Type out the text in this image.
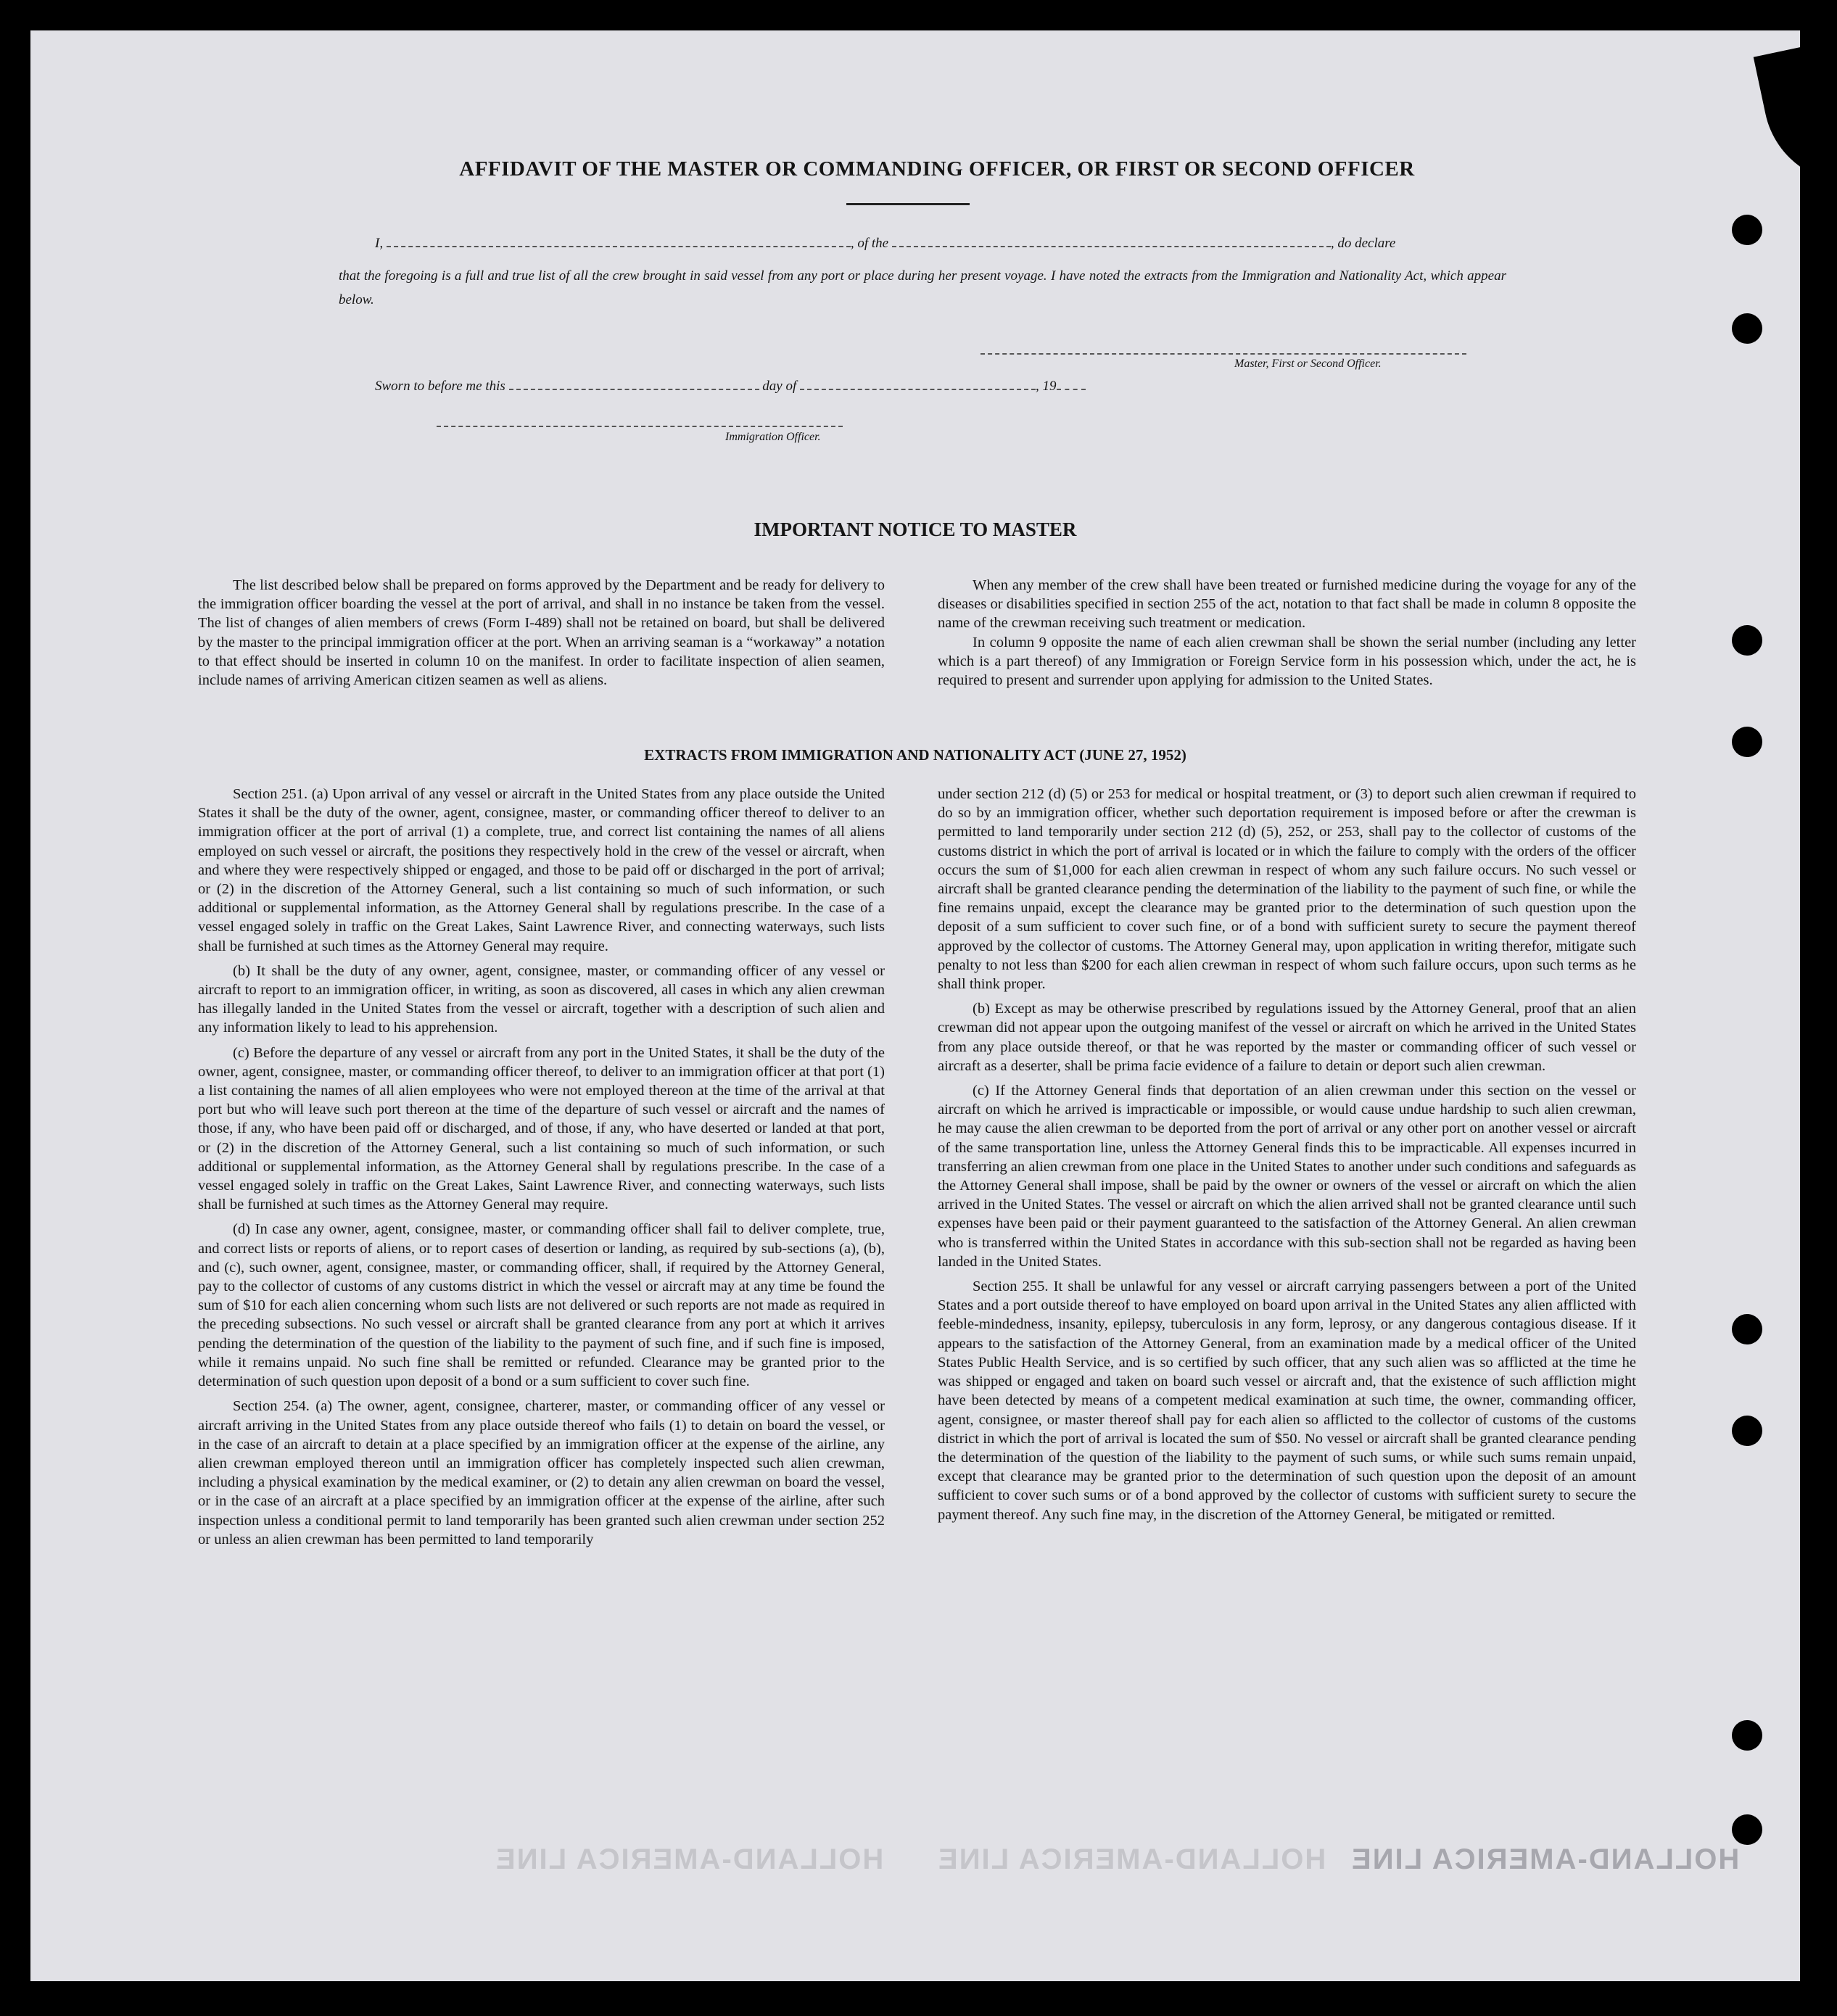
HOLLAND-AMERICA LINE HOLLAND-AMERICA LINE HOLLAND-AMERICA LINE
AFFIDAVIT OF THE MASTER OR COMMANDING OFFICER, OR FIRST OR SECOND OFFICER
I,	, of the	, do declare
that the foregoing is a full and true list of all the crew brought in said vessel from any port or place during her present voyage. I have noted the extracts from the Immigration and Nationality Act, which appear below.
Master, First or Second Officer.
Sworn to before me this	day of	, 19
Immigration Officer.
IMPORTANT NOTICE TO MASTER

The list described below shall be prepared on forms approved by the Department and be ready for delivery to the immigration officer boarding the vessel at the port of arrival, and shall in no instance be taken from the vessel. The list of changes of alien members of crews (Form I-489) shall not be retained on board, but shall be delivered by the master to the principal immigration officer at the port. When an arriving seaman is a “workaway” a notation to that effect should be inserted in column 10 on the manifest. In order to facilitate inspection of alien seamen, include names of arriving American citizen seamen as well as aliens.

When any member of the crew shall have been treated or furnished medicine during the voyage for any of the diseases or disabilities specified in section 255 of the act, notation to that fact shall be made in column 8 opposite the name of the crewman receiving such treatment or medication.

In column 9 opposite the name of each alien crewman shall be shown the serial number (including any letter which is a part thereof) of any Immigration or Foreign Service form in his possession which, under the act, he is required to present and surrender upon applying for admission to the United States.

EXTRACTS FROM IMMIGRATION AND NATIONALITY ACT (JUNE 27, 1952)

Section 251. (a) Upon arrival of any vessel or aircraft in the United States from any place outside the United States it shall be the duty of the owner, agent, consignee, master, or commanding officer thereof to deliver to an immigration officer at the port of arrival (1) a complete, true, and correct list containing the names of all aliens employed on such vessel or aircraft, the positions they respectively hold in the crew of the vessel or aircraft, when and where they were respectively shipped or engaged, and those to be paid off or discharged in the port of arrival; or (2) in the discretion of the Attorney General, such a list containing so much of such information, or such additional or supplemental information, as the Attorney General shall by regulations prescribe. In the case of a vessel engaged solely in traffic on the Great Lakes, Saint Lawrence River, and connecting waterways, such lists shall be furnished at such times as the Attorney General may require.

(b) It shall be the duty of any owner, agent, consignee, master, or commanding officer of any vessel or aircraft to report to an immigration officer, in writing, as soon as discovered, all cases in which any alien crewman has illegally landed in the United States from the vessel or aircraft, together with a description of such alien and any information likely to lead to his apprehension.

(c) Before the departure of any vessel or aircraft from any port in the United States, it shall be the duty of the owner, agent, consignee, master, or commanding officer thereof, to deliver to an immigration officer at that port (1) a list containing the names of all alien employees who were not employed thereon at the time of the arrival at that port but who will leave such port thereon at the time of the departure of such vessel or aircraft and the names of those, if any, who have been paid off or discharged, and of those, if any, who have deserted or landed at that port, or (2) in the discretion of the Attorney General, such a list containing so much of such information, or such additional or supplemental information, as the Attorney General shall by regulations prescribe. In the case of a vessel engaged solely in traffic on the Great Lakes, Saint Lawrence River, and connecting waterways, such lists shall be furnished at such times as the Attorney General may require.

(d) In case any owner, agent, consignee, master, or commanding officer shall fail to deliver complete, true, and correct lists or reports of aliens, or to report cases of desertion or landing, as required by sub-sections (a), (b), and (c), such owner, agent, consignee, master, or commanding officer, shall, if required by the Attorney General, pay to the collector of customs of any customs district in which the vessel or aircraft may at any time be found the sum of $10 for each alien concerning whom such lists are not delivered or such reports are not made as required in the preceding subsections. No such vessel or aircraft shall be granted clearance from any port at which it arrives pending the determination of the question of the liability to the payment of such fine, and if such fine is imposed, while it remains unpaid. No such fine shall be remitted or refunded. Clearance may be granted prior to the determination of such question upon deposit of a bond or a sum sufficient to cover such fine.

Section 254. (a) The owner, agent, consignee, charterer, master, or commanding officer of any vessel or aircraft arriving in the United States from any place outside thereof who fails (1) to detain on board the vessel, or in the case of an aircraft to detain at a place specified by an immigration officer at the expense of the airline, any alien crewman employed thereon until an immigration officer has completely inspected such alien crewman, including a physical examination by the medical examiner, or (2) to detain any alien crewman on board the vessel, or in the case of an aircraft at a place specified by an immigration officer at the expense of the airline, after such inspection unless a conditional permit to land temporarily has been granted such alien crewman under section 252 or unless an alien crewman has been permitted to land temporarily

under section 212 (d) (5) or 253 for medical or hospital treatment, or (3) to deport such alien crewman if required to do so by an immigration officer, whether such deportation requirement is imposed before or after the crewman is permitted to land temporarily under section 212 (d) (5), 252, or 253, shall pay to the collector of customs of the customs district in which the port of arrival is located or in which the failure to comply with the orders of the officer occurs the sum of $1,000 for each alien crewman in respect of whom any such failure occurs. No such vessel or aircraft shall be granted clearance pending the determination of the liability to the payment of such fine, or while the fine remains unpaid, except the clearance may be granted prior to the determination of such question upon the deposit of a sum sufficient to cover such fine, or of a bond with sufficient surety to secure the payment thereof approved by the collector of customs. The Attorney General may, upon application in writing therefor, mitigate such penalty to not less than $200 for each alien crewman in respect of whom such failure occurs, upon such terms as he shall think proper.

(b) Except as may be otherwise prescribed by regulations issued by the Attorney General, proof that an alien crewman did not appear upon the outgoing manifest of the vessel or aircraft on which he arrived in the United States from any place outside thereof, or that he was reported by the master or commanding officer of such vessel or aircraft as a deserter, shall be prima facie evidence of a failure to detain or deport such alien crewman.

(c) If the Attorney General finds that deportation of an alien crewman under this section on the vessel or aircraft on which he arrived is impracticable or impossible, or would cause undue hardship to such alien crewman, he may cause the alien crewman to be deported from the port of arrival or any other port on another vessel or aircraft of the same transportation line, unless the Attorney General finds this to be impracticable. All expenses incurred in transferring an alien crewman from one place in the United States to another under such conditions and safeguards as the Attorney General shall impose, shall be paid by the owner or owners of the vessel or aircraft on which the alien arrived in the United States. The vessel or aircraft on which the alien arrived shall not be granted clearance until such expenses have been paid or their payment guaranteed to the satisfaction of the Attorney General. An alien crewman who is transferred within the United States in accordance with this sub-section shall not be regarded as having been landed in the United States.

Section 255. It shall be unlawful for any vessel or aircraft carrying passengers between a port of the United States and a port outside thereof to have employed on board upon arrival in the United States any alien afflicted with feeble-mindedness, insanity, epilepsy, tuberculosis in any form, leprosy, or any dangerous contagious disease. If it appears to the satisfaction of the Attorney General, from an examination made by a medical officer of the United States Public Health Service, and is so certified by such officer, that any such alien was so afflicted at the time he was shipped or engaged and taken on board such vessel or aircraft and, that the existence of such affliction might have been detected by means of a competent medical examination at such time, the owner, commanding officer, agent, consignee, or master thereof shall pay for each alien so afflicted to the collector of customs of the customs district in which the port of arrival is located the sum of $50. No vessel or aircraft shall be granted clearance pending the determination of the question of the liability to the payment of such sums, or while such sums remain unpaid, except that clearance may be granted prior to the determination of such question upon the deposit of an amount sufficient to cover such sums or of a bond approved by the collector of customs with sufficient surety to secure the payment thereof. Any such fine may, in the discretion of the Attorney General, be mitigated or remitted.
